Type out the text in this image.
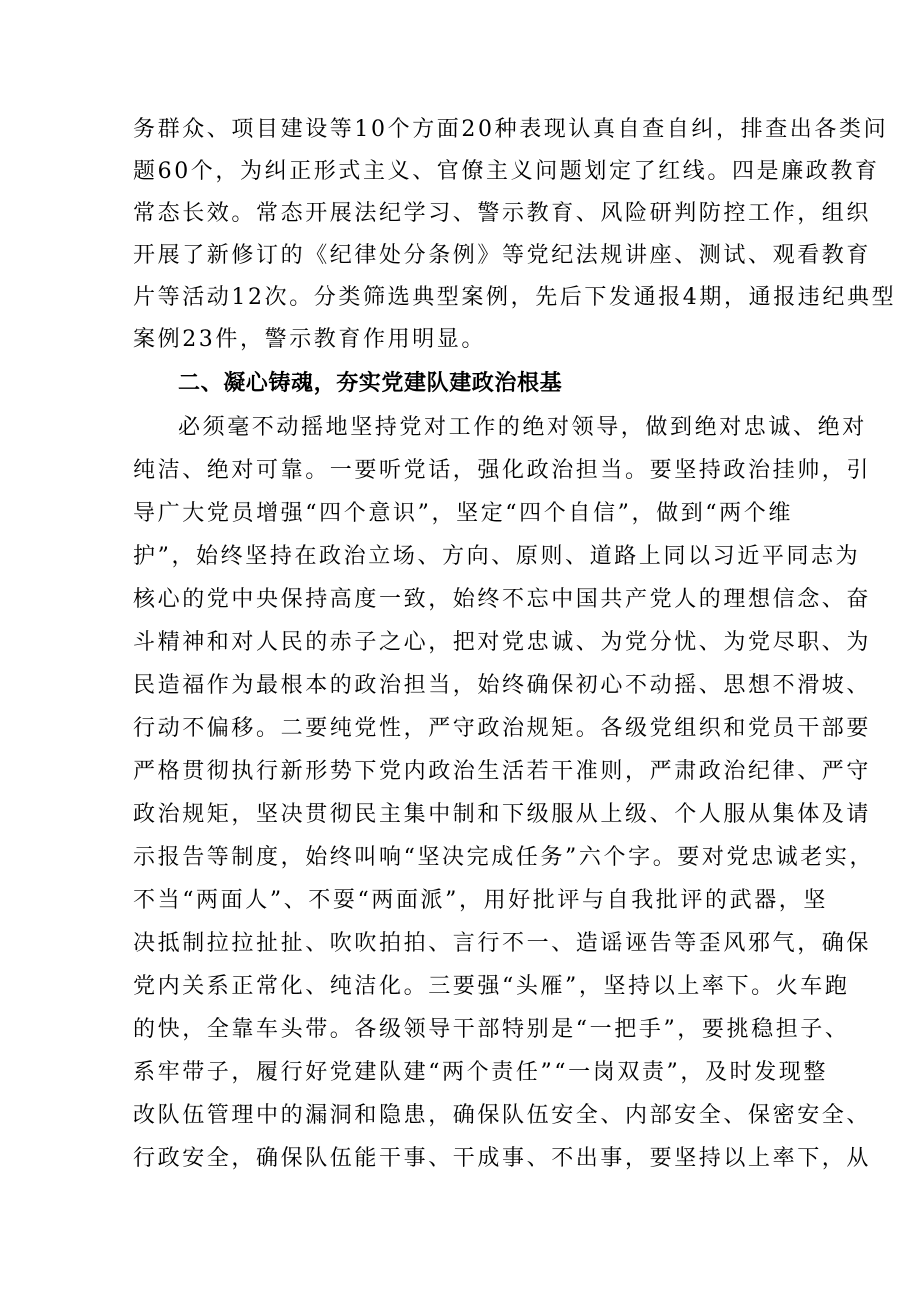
务群众、项目建设等10个方面20种表现认真自查自纠，排查出各类问
题60个，为纠正形式主义、官僚主义问题划定了红线。四是廉政教育
常态长效。常态开展法纪学习、警示教育、风险研判防控工作，组织
开展了新修订的《纪律处分条例》等党纪法规讲座、测试、观看教育
片等活动12次。分类筛选典型案例，先后下发通报4期，通报违纪典型
案例23件，警示教育作用明显。
二、凝心铸魂，夯实党建队建政治根基
必须毫不动摇地坚持党对工作的绝对领导，做到绝对忠诚、绝对
纯洁、绝对可靠。一要听党话，强化政治担当。要坚持政治挂帅，引
导广大党员增强“四个意识”，坚定“四个自信”，做到“两个维
护”，始终坚持在政治立场、方向、原则、道路上同以习近平同志为
核心的党中央保持高度一致，始终不忘中国共产党人的理想信念、奋
斗精神和对人民的赤子之心，把对党忠诚、为党分忧、为党尽职、为
民造福作为最根本的政治担当，始终确保初心不动摇、思想不滑坡、
行动不偏移。二要纯党性，严守政治规矩。各级党组织和党员干部要
严格贯彻执行新形势下党内政治生活若干准则，严肃政治纪律、严守
政治规矩，坚决贯彻民主集中制和下级服从上级、个人服从集体及请
示报告等制度，始终叫响“坚决完成任务”六个字。要对党忠诚老实，
不当“两面人”、不耍“两面派”，用好批评与自我批评的武器，坚
决抵制拉拉扯扯、吹吹拍拍、言行不一、造谣诬告等歪风邪气，确保
党内关系正常化、纯洁化。三要强“头雁”，坚持以上率下。火车跑
的快，全靠车头带。各级领导干部特别是“一把手”，要挑稳担子、
系牢带子，履行好党建队建“两个责任”“一岗双责”，及时发现整
改队伍管理中的漏洞和隐患，确保队伍安全、内部安全、保密安全、
行政安全，确保队伍能干事、干成事、不出事，要坚持以上率下，从
